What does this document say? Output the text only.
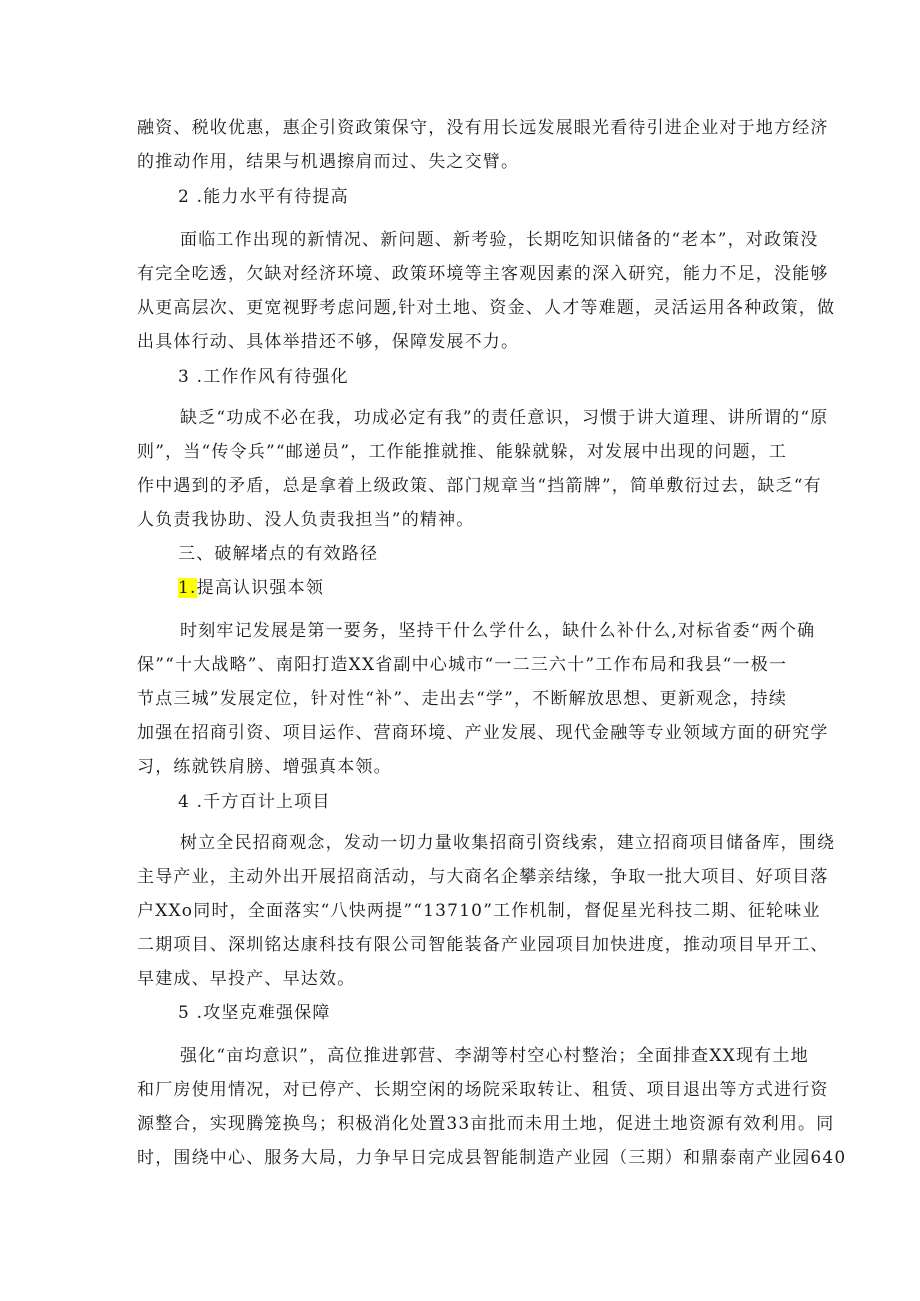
融资、税收优惠，惠企引资政策保守，没有用长远发展眼光看待引进企业对于地方经济
的推动作用，结果与机遇擦肩而过、失之交臂。
2 .能力水平有待提高
面临工作出现的新情况、新问题、新考验，长期吃知识储备的“老本”，对政策没
有完全吃透，欠缺对经济环境、政策环境等主客观因素的深入研究，能力不足，没能够
从更高层次、更宽视野考虑问题,针对土地、资金、人才等难题，灵活运用各种政策，做
出具体行动、具体举措还不够，保障发展不力。
3 .工作作风有待强化
缺乏“功成不必在我，功成必定有我”的责任意识，习惯于讲大道理、讲所谓的“原
则”，当“传令兵”“邮递员”，工作能推就推、能躲就躲，对发展中出现的问题，工
作中遇到的矛盾，总是拿着上级政策、部门规章当“挡箭牌”，简单敷衍过去，缺乏“有
人负责我协助、没人负责我担当”的精神。
三、破解堵点的有效路径
1.提高认识强本领
时刻牢记发展是第一要务，坚持干什么学什么，缺什么补什么,对标省委“两个确
保”“十大战略”、南阳打造XX省副中心城市“一二三六十”工作布局和我县“一极一
节点三城”发展定位，针对性“补”、走出去“学”，不断解放思想、更新观念，持续
加强在招商引资、项目运作、营商环境、产业发展、现代金融等专业领域方面的研究学
习，练就铁肩膀、增强真本领。
4 .千方百计上项目
树立全民招商观念，发动一切力量收集招商引资线索，建立招商项目储备库，围绕
主导产业，主动外出开展招商活动，与大商名企攀亲结缘，争取一批大项目、好项目落
户XXo同时，全面落实“八快两提”“13710”工作机制，督促星光科技二期、征轮味业
二期项目、深圳铭达康科技有限公司智能装备产业园项目加快进度，推动项目早开工、
早建成、早投产、早达效。
5 .攻坚克难强保障
强化“亩均意识”，高位推进郭营、李湖等村空心村整治；全面排查XX现有土地
和厂房使用情况，对已停产、长期空闲的场院采取转让、租赁、项目退出等方式进行资
源整合，实现腾笼换鸟；积极消化处置33亩批而未用土地，促进土地资源有效利用。同
时，围绕中心、服务大局，力争早日完成县智能制造产业园（三期）和鼎泰南产业园640
